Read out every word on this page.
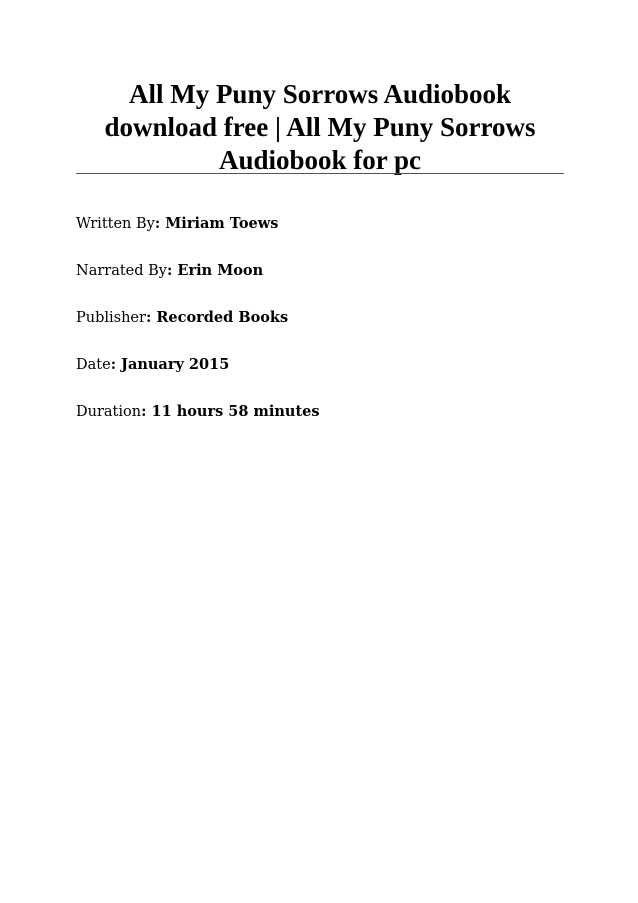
All My Puny Sorrows Audiobook
download free | All My Puny Sorrows
Audiobook for pc
Written By: Miriam Toews
Narrated By: Erin Moon
Publisher: Recorded Books
Date: January 2015
Duration: 11 hours 58 minutes
